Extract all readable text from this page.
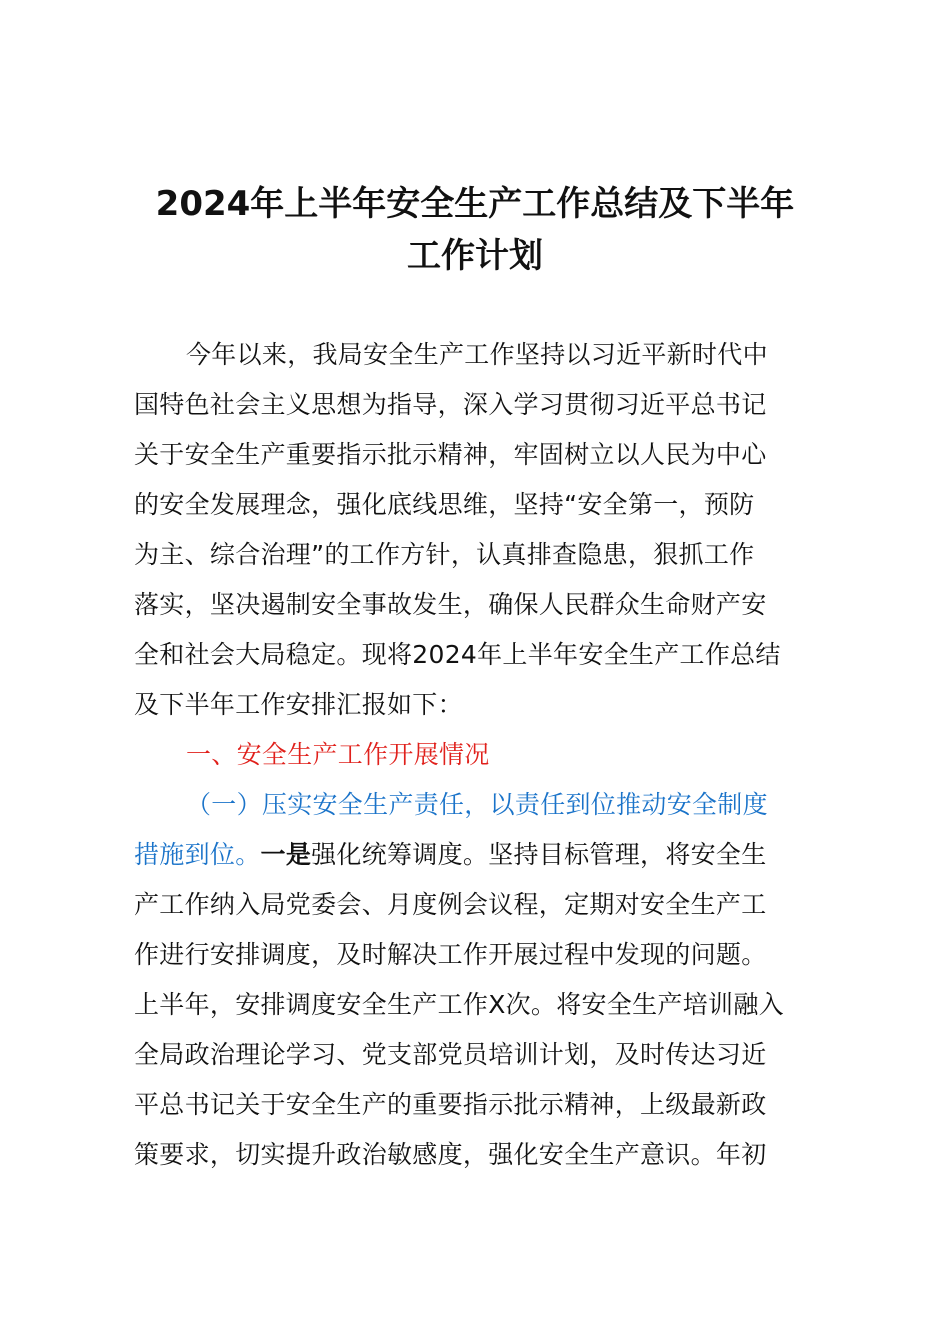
2024年上半年安全生产工作总结及下半年
工作计划
今年以来，我局安全生产工作坚持以习近平新时代中
国特色社会主义思想为指导，深入学习贯彻习近平总书记
关于安全生产重要指示批示精神，牢固树立以人民为中心
的安全发展理念，强化底线思维，坚持“安全第一，预防
为主、综合治理”的工作方针，认真排查隐患，狠抓工作
落实，坚决遏制安全事故发生，确保人民群众生命财产安
全和社会大局稳定。现将2024年上半年安全生产工作总结
及下半年工作安排汇报如下：
一、安全生产工作开展情况
（一）压实安全生产责任，以责任到位推动安全制度
措施到位。一是强化统筹调度。坚持目标管理，将安全生
产工作纳入局党委会、月度例会议程，定期对安全生产工
作进行安排调度，及时解决工作开展过程中发现的问题。
上半年，安排调度安全生产工作X次。将安全生产培训融入
全局政治理论学习、党支部党员培训计划，及时传达习近
平总书记关于安全生产的重要指示批示精神，上级最新政
策要求，切实提升政治敏感度，强化安全生产意识。年初
